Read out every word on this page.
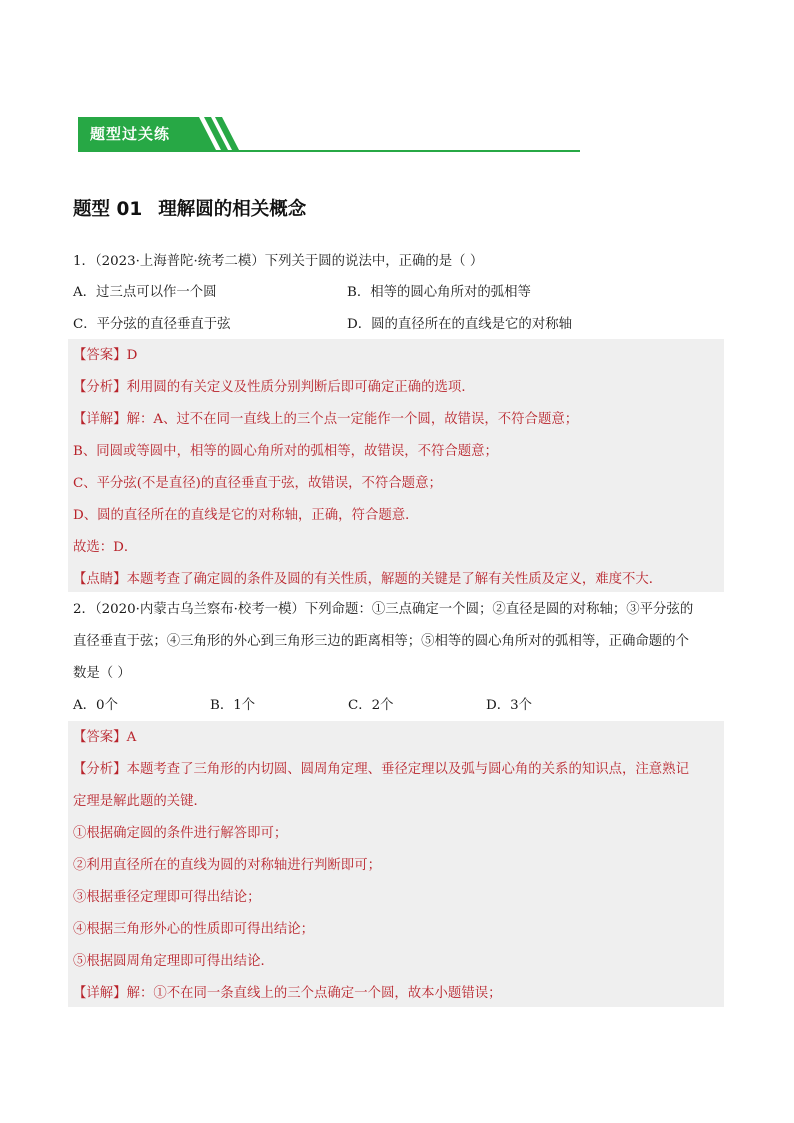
题型过关练
题型 01 理解圆的相关概念
1．（2023·上海普陀·统考二模）下列关于圆的说法中，正确的是（ ）
A．过三点可以作一个圆	B．相等的圆心角所对的弧相等
C．平分弦的直径垂直于弦	D．圆的直径所在的直线是它的对称轴
【答案】D
【分析】利用圆的有关定义及性质分别判断后即可确定正确的选项．
【详解】解：A、过不在同一直线上的三个点一定能作一个圆，故错误，不符合题意；
B、同圆或等圆中，相等的圆心角所对的弧相等，故错误，不符合题意；
C、平分弦(不是直径)的直径垂直于弦，故错误，不符合题意；
D、圆的直径所在的直线是它的对称轴，正确，符合题意．
故选：D．
【点睛】本题考查了确定圆的条件及圆的有关性质，解题的关键是了解有关性质及定义，难度不大．
2．（2020·内蒙古乌兰察布·校考一模）下列命题：①三点确定一个圆；②直径是圆的对称轴；③平分弦的
直径垂直于弦；④三角形的外心到三角形三边的距离相等；⑤相等的圆心角所对的弧相等，正确命题的个
数是（ ）
A．0个	B．1个	C．2个	D．3个
【答案】A
【分析】本题考查了三角形的内切圆、圆周角定理、垂径定理以及弧与圆心角的关系的知识点，注意熟记
定理是解此题的关键．
①根据确定圆的条件进行解答即可；
②利用直径所在的直线为圆的对称轴进行判断即可；
③根据垂径定理即可得出结论；
④根据三角形外心的性质即可得出结论；
⑤根据圆周角定理即可得出结论．
【详解】解：①不在同一条直线上的三个点确定一个圆，故本小题错误；
